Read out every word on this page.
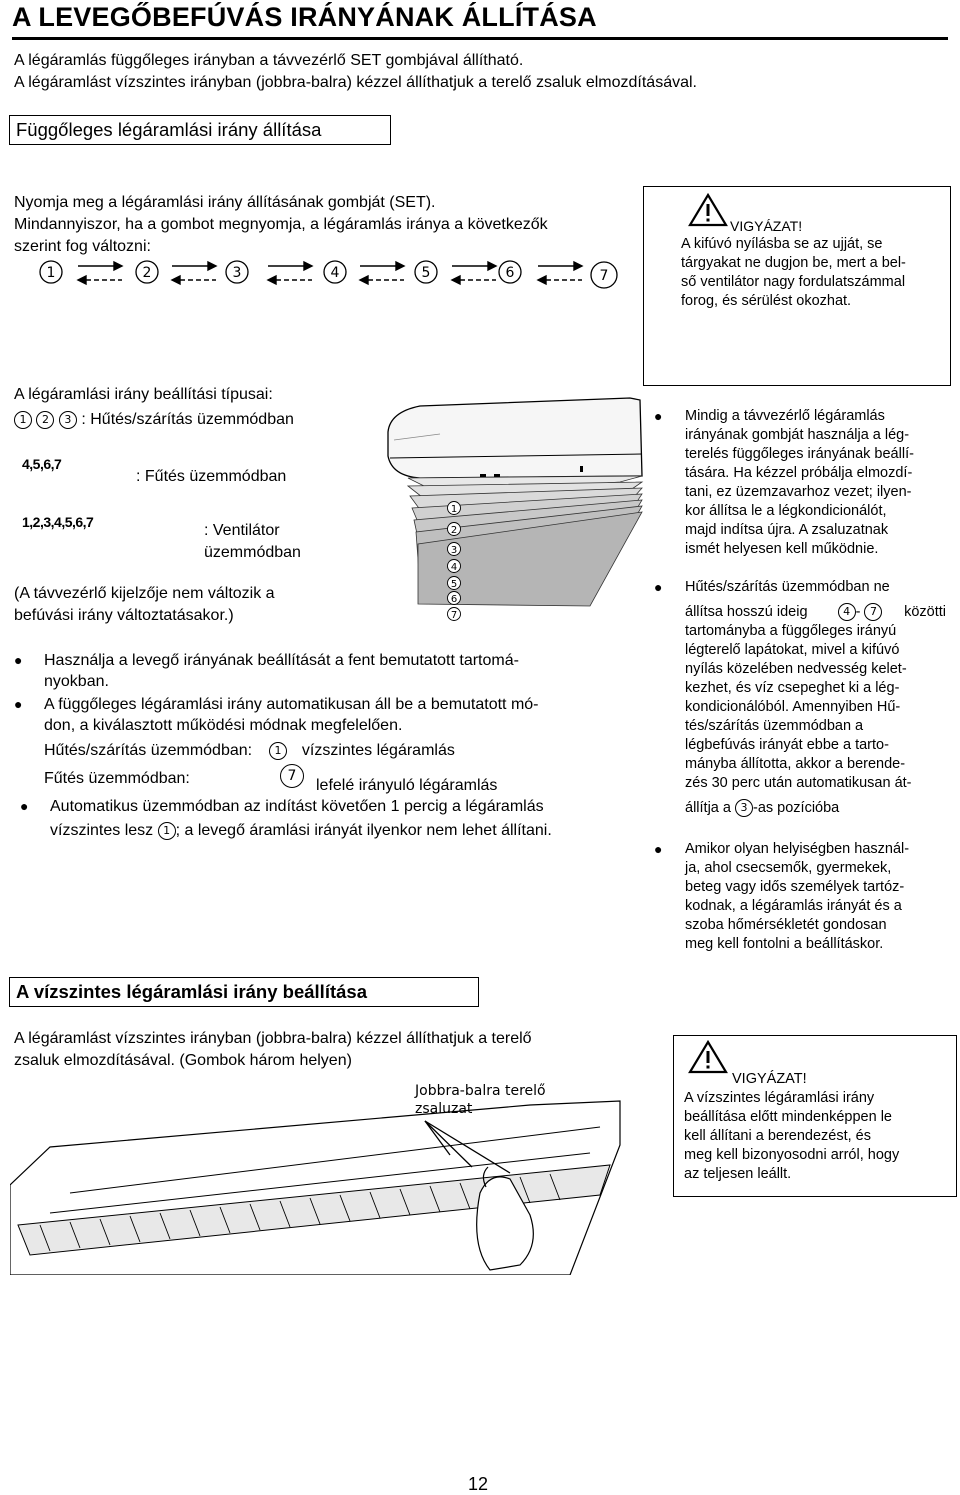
A LEVEGŐBEFÚVÁS IRÁNYÁNAK ÁLLÍTÁSA
A légáramlás függőleges irányban a távvezérlő SET gombjával állítható.
A légáramlást vízszintes irányban (jobbra-balra) kézzel állíthatjuk a terelő zsaluk elmozdításával.
Függőleges légáramlási irány állítása
Nyomja meg a légáramlási irány állításának gombját (SET).
Mindannyiszor, ha a gombot megnyomja, a légáramlás iránya a következők
szerint fog változni:
1	2	3	4	5	6	7
VIGYÁZAT!
A kifúvó nyílásba se az ujját, se
tárgyakat ne dugjon be, mert a bel-
ső ventilátor nagy fordulatszámmal
forog, és sérülést okozhat.
A légáramlási irány beállítási típusai:
1 2 3 : Hűtés/szárítás üzemmódban
4,5,6,7
: Fűtés üzemmódban
1,2,3,4,5,6,7	: Ventilátor
üzemmódban
(A távvezérlő kijelzője nem változik a
befúvási irány változtatásakor.)
1
2
3
4
5
6
7
● Használja a levegő irányának beállítását a fent bemutatott tartomá-
nyokban.
● A függőleges légáramlási irány automatikusan áll be a bemutatott mó-
don, a kiválasztott működési módnak megfelelően.
Hűtés/szárítás üzemmódban: 1 vízszintes légáramlás
Fűtés üzemmódban:	7
lefelé irányuló légáramlás
● Automatikus üzemmódban az indítást követően 1 percig a légáramlás
vízszintes lesz 1 ; a levegő áramlási irányát ilyenkor nem lehet állítani.
● Mindig a távvezérlő légáramlás
irányának gombját használja a lég-
terelés függőleges irányának beállí-
tására. Ha kézzel próbálja elmozdí-
tani, ez üzemzavarhoz vezet; ilyen-
kor állítsa le a légkondicionálót,
majd indítsa újra. A zsaluzatnak
ismét helyesen kell működnie.
● Hűtés/szárítás üzemmódban ne
állítsa hosszú ideig	4 - 7 közötti
tartományba a függőleges irányú
légterelő lapátokat, mivel a kifúvó
nyílás közelében nedvesség kelet-
kezhet, és víz csepeghet ki a lég-
kondicionálóból. Amennyiben Hű-
tés/szárítás üzemmódban a
légbefúvás irányát ebbe a tarto-
mányba állította, akkor a berende-
zés 30 perc után automatikusan át-
állítja a 3 -as pozícióba
● Amikor olyan helyiségben használ-
ja, ahol csecsemők, gyermekek,
beteg vagy idős személyek tartóz-
kodnak, a légáramlás irányát és a
szoba hőmérsékletét gondosan
meg kell fontolni a beállításkor.
A vízszintes légáramlási irány beállítása
A légáramlást vízszintes irányban (jobbra-balra) kézzel állíthatjuk a terelő
zsaluk elmozdításával. (Gombok három helyen)
Jobbra-balra terelő
zsaluzat
VIGYÁZAT!
A vízszintes légáramlási irány
beállítása előtt mindenképpen le
kell állítani a berendezést, és
meg kell bizonyosodni arról, hogy
az teljesen leállt.
12
